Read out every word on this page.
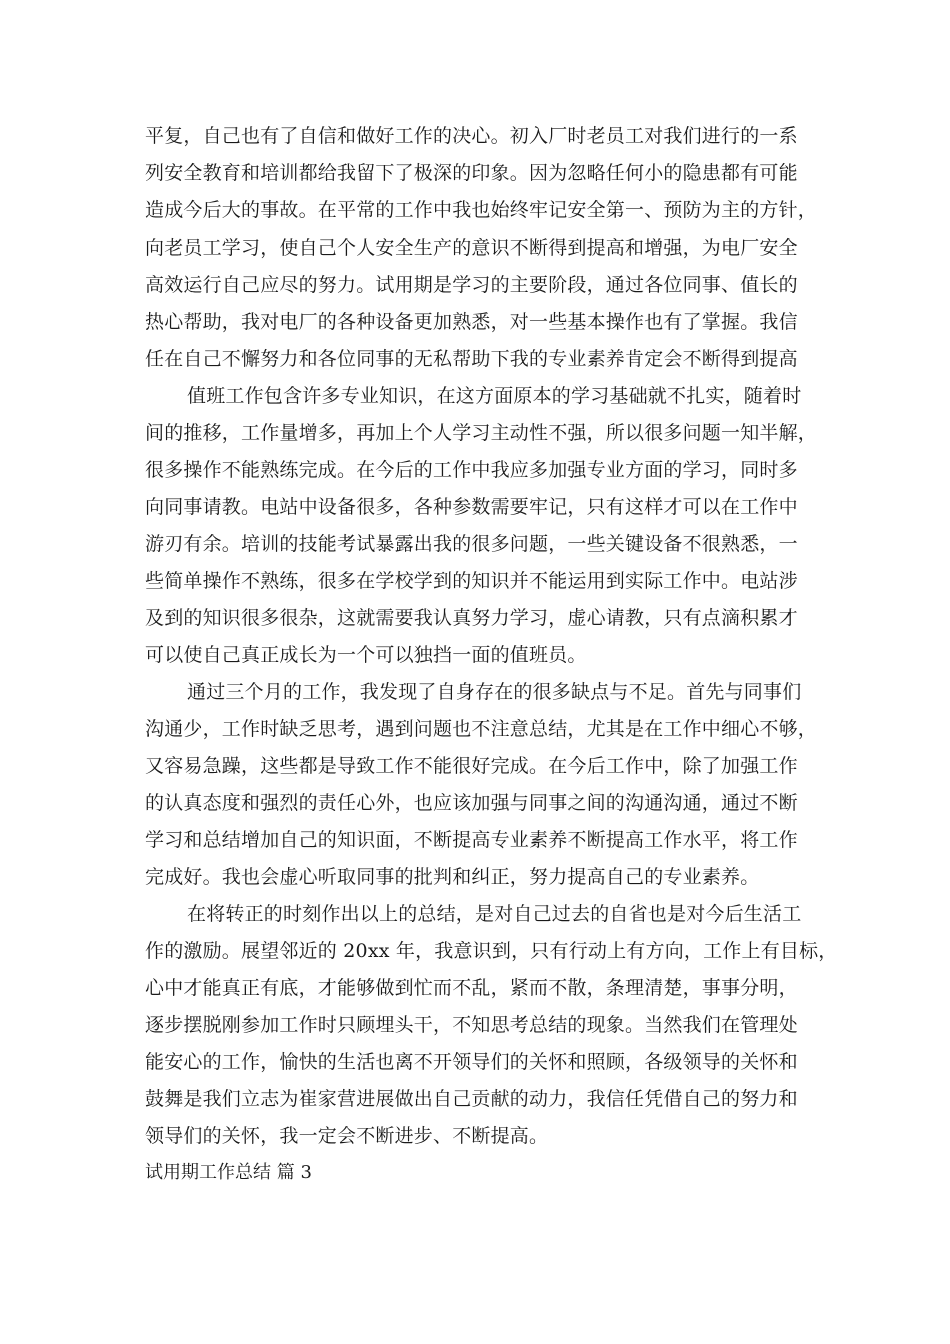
平复，自己也有了自信和做好工作的决心。初入厂时老员工对我们进行的一系
列安全教育和培训都给我留下了极深的印象。因为忽略任何小的隐患都有可能
造成今后大的事故。在平常的工作中我也始终牢记安全第一、预防为主的方针，
向老员工学习，使自己个人安全生产的意识不断得到提高和增强，为电厂安全
高效运行自己应尽的努力。试用期是学习的主要阶段，通过各位同事、值长的
热心帮助，我对电厂的各种设备更加熟悉，对一些基本操作也有了掌握。我信
任在自己不懈努力和各位同事的无私帮助下我的专业素养肯定会不断得到提高
值班工作包含许多专业知识，在这方面原本的学习基础就不扎实，随着时
间的推移，工作量增多，再加上个人学习主动性不强，所以很多问题一知半解，
很多操作不能熟练完成。在今后的工作中我应多加强专业方面的学习，同时多
向同事请教。电站中设备很多，各种参数需要牢记，只有这样才可以在工作中
游刃有余。培训的技能考试暴露出我的很多问题，一些关键设备不很熟悉，一
些简单操作不熟练，很多在学校学到的知识并不能运用到实际工作中。电站涉
及到的知识很多很杂，这就需要我认真努力学习，虚心请教，只有点滴积累才
可以使自己真正成长为一个可以独挡一面的值班员。
通过三个月的工作，我发现了自身存在的很多缺点与不足。首先与同事们
沟通少，工作时缺乏思考，遇到问题也不注意总结，尤其是在工作中细心不够，
又容易急躁，这些都是导致工作不能很好完成。在今后工作中，除了加强工作
的认真态度和强烈的责任心外，也应该加强与同事之间的沟通沟通，通过不断
学习和总结增加自己的知识面，不断提高专业素养不断提高工作水平，将工作
完成好。我也会虚心听取同事的批判和纠正，努力提高自己的专业素养。
在将转正的时刻作出以上的总结，是对自己过去的自省也是对今后生活工
作的激励。展望邻近的 20xx 年，我意识到，只有行动上有方向，工作上有目标，
心中才能真正有底，才能够做到忙而不乱，紧而不散，条理清楚，事事分明，
逐步摆脱刚参加工作时只顾埋头干，不知思考总结的现象。当然我们在管理处
能安心的工作，愉快的生活也离不开领导们的关怀和照顾，各级领导的关怀和
鼓舞是我们立志为崔家营进展做出自己贡献的动力，我信任凭借自己的努力和
领导们的关怀，我一定会不断进步、不断提高。
试用期工作总结 篇 3
